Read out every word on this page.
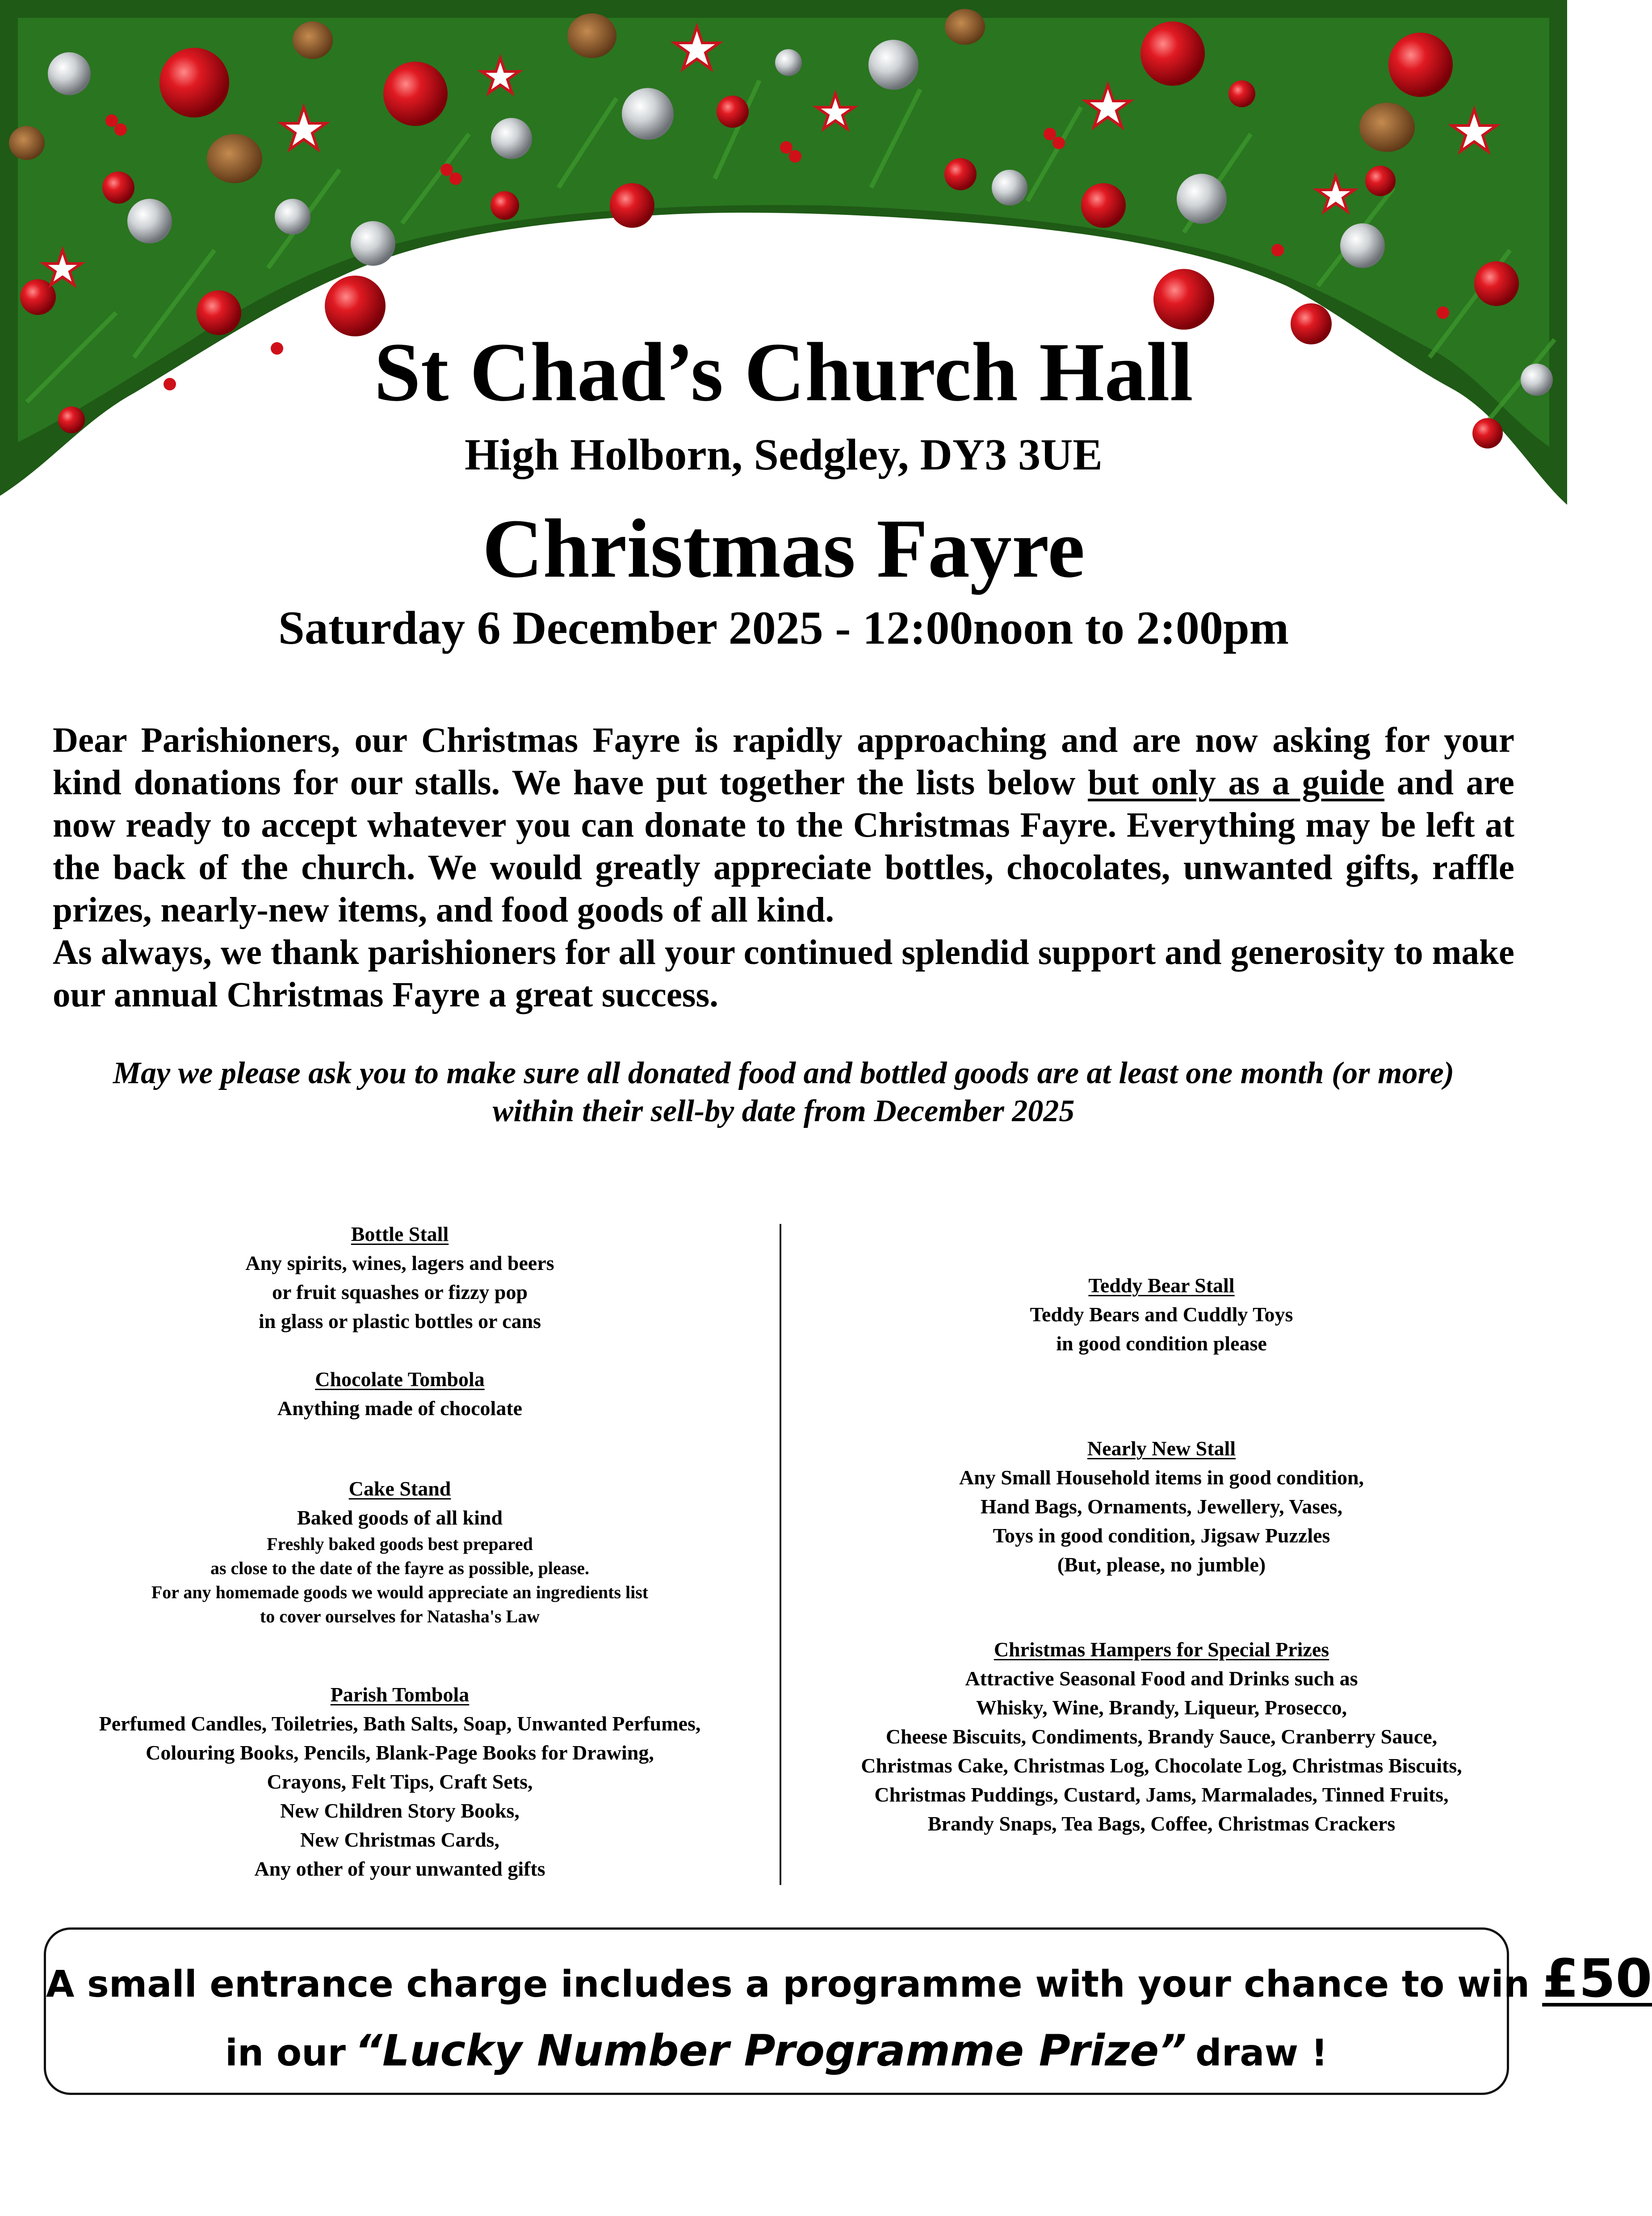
St Chad’s Church Hall
High Holborn, Sedgley, DY3 3UE
Christmas Fayre
Saturday 6 December 2025 - 12:00noon to 2:00pm

Dear Parishioners, our Christmas Fayre is rapidly approaching and are now asking for your kind donations for our stalls. We have put together the lists below but only as a guide and are now ready to accept whatever you can donate to the Christmas Fayre. Everything may be left at the back of the church. We would greatly appreciate bottles, chocolates, unwanted gifts, raffle prizes, nearly-new items, and food goods of all kind.

As always, we thank parishioners for all your continued splendid support and generosity to make our annual Christmas Fayre a great success.

May we please ask you to make sure all donated food and bottled goods are at least one month (or more)
within their sell-by date from December 2025
Bottle Stall
Any spirits, wines, lagers and beers
or fruit squashes or fizzy pop
in glass or plastic bottles or cans
Chocolate Tombola
Anything made of chocolate
Cake Stand
Baked goods of all kind
Freshly baked goods best prepared
as close to the date of the fayre as possible, please.
For any homemade goods we would appreciate an ingredients list
to cover ourselves for Natasha's Law
Parish Tombola
Perfumed Candles, Toiletries, Bath Salts, Soap, Unwanted Perfumes,
Colouring Books, Pencils, Blank-Page Books for Drawing,
Crayons, Felt Tips, Craft Sets,
New Children Story Books,
New Christmas Cards,
Any other of your unwanted gifts
Teddy Bear Stall
Teddy Bears and Cuddly Toys
in good condition please
Nearly New Stall
Any Small Household items in good condition,
Hand Bags, Ornaments, Jewellery, Vases,
Toys in good condition, Jigsaw Puzzles
(But, please, no jumble)
Christmas Hampers for Special Prizes
Attractive Seasonal Food and Drinks such as
Whisky, Wine, Brandy, Liqueur, Prosecco,
Cheese Biscuits, Condiments, Brandy Sauce, Cranberry Sauce,
Christmas Cake, Christmas Log, Chocolate Log, Christmas Biscuits,
Christmas Puddings, Custard, Jams, Marmalades, Tinned Fruits,
Brandy Snaps, Tea Bags, Coffee, Christmas Crackers
A small entrance charge includes a programme with your chance to win £50
in our “Lucky Number Programme Prize” draw !
